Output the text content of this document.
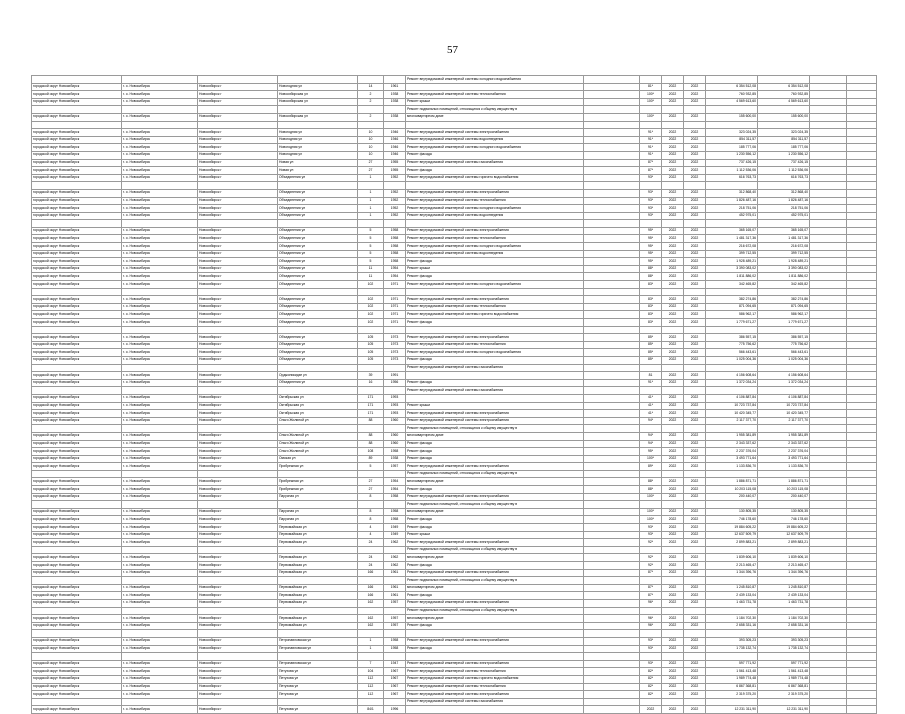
57
						Ремонт внутридомовой инженерной системы холодного водоснабжения								
городской округ Новосибирск	г. о. Новосибирск	Новосибирск г	Новогодняя ул	14	1961			81*	2022	2022	6 354 512,08	6 354 512,08		
городской округ Новосибирск	г. о. Новосибирск	Новосибирск г	Новосибирская ул	2	1938	Ремонт внутридомовой инженерной системы теплоснабжения		100*	2022	2022	760 932,85	760 932,85		
городской округ Новосибирск	г. о. Новосибирск	Новосибирск г	Новосибирская ул	2	1938	Ремонт крыши		100*	2022	2022	4 569 613,60	4 569 613,60		
						Ремонт подвальных помещений, относящихся к общему имуществу в								
городской округ Новосибирск	г. о. Новосибирск	Новосибирск г	Новосибирская ул	2	1938	многоквартирном доме		100*	2022	2022	155 600,00	155 600,00		

городской округ Новосибирск	г. о. Новосибирск	Новосибирск г	Новогодняя ул	10	1946	Ремонт внутридомовой инженерной системы электроснабжения		91*	2022	2022	323 024,35	323 024,35		
городской округ Новосибирск	г. о. Новосибирск	Новосибирск г	Новогодняя ул	10	1946	Ремонт внутридомовой инженерной системы водоотведения		91*	2022	2022	854 311,57	854 311,57		
городской округ Новосибирск	г. о. Новосибирск	Новосибирск г	Новогодняя ул	10	1946	Ремонт внутридомовой инженерной системы холодного водоснабжения		91*	2022	2022	185 777,06	185 777,06		
городской округ Новосибирск	г. о. Новосибирск	Новосибирск г	Новогодняя ул	10	1946	Ремонт фасада		91*	2022	2022	1 230 556,12	1 230 556,12		
городской округ Новосибирск	г. о. Новосибирск	Новосибирск г	Новая ул	27	1955	Ремонт внутридомовой инженерной системы газоснабжения		87*	2022	2022	737 426,15	737 426,15		
городской округ Новосибирск	г. о. Новосибирск	Новосибирск г	Новая ул	27	1955	Ремонт фасада		87*	2022	2022	1 112 536,06	1 112 536,06		
городской округ Новосибирск	г. о. Новосибирск	Новосибирск г	Объединения ул	1	1952	Ремонт внутридомовой инженерной системы горячего водоснабжения		93*	2022	2022	616 763,73	616 763,73		

городской округ Новосибирск	г. о. Новосибирск	Новосибирск г	Объединения ул	1	1952	Ремонт внутридомовой инженерной системы электроснабжения		93*	2022	2022	312 868,40	312 868,40		
городской округ Новосибирск	г. о. Новосибирск	Новосибирск г	Объединения ул	1	1952	Ремонт внутридомовой инженерной системы теплоснабжения		93*	2022	2022	1 826 487,16	1 826 487,16		
городской округ Новосибирск	г. о. Новосибирск	Новосибирск г	Объединения ул	1	1952	Ремонт внутридомовой инженерной системы холодного водоснабжения		93*	2022	2022	218 751,06	218 751,06		
городской округ Новосибирск	г. о. Новосибирск	Новосибирск г	Объединения ул	1	1952	Ремонт внутридомовой инженерной системы водоотведения		93*	2022	2022	452 975,01	452 975,01		

городской округ Новосибирск	г. о. Новосибирск	Новосибирск г	Объединения ул	5	1958	Ремонт внутридомовой инженерной системы электроснабжения		95*	2022	2022	365 165,07	365 165,07		
городской округ Новосибирск	г. о. Новосибирск	Новосибирск г	Объединения ул	5	1958	Ремонт внутридомовой инженерной системы теплоснабжения		95*	2022	2022	1 481 317,36	1 481 317,36		
городской округ Новосибирск	г. о. Новосибирск	Новосибирск г	Объединения ул	5	1958	Ремонт внутридомовой инженерной системы холодного водоснабжения		95*	2022	2022	216 672,08	216 672,08		
городской округ Новосибирск	г. о. Новосибирск	Новосибирск г	Объединения ул	5	1958	Ремонт внутридомовой инженерной системы водоотведения		95*	2022	2022	399 712,55	399 712,55		
городской округ Новосибирск	г. о. Новосибирск	Новосибирск г	Объединения ул	5	1958	Ремонт фасада		95*	2022	2022	1 928 489,21	1 928 489,21		
городской округ Новосибирск	г. о. Новосибирск	Новосибирск г	Объединения ул	11	1954	Ремонт крыши		88*	2022	2022	3 390 083,02	3 390 083,02		
городской округ Новосибирск	г. о. Новосибирск	Новосибирск г	Объединения ул	11	1954	Ремонт фасада		88*	2022	2022	1 811 886,02	1 811 886,02		
городской округ Новосибирск	г. о. Новосибирск	Новосибирск г	Объединения ул	102	1971	Ремонт внутридомовой инженерной системы холодного водоснабжения		83*	2022	2022	342 465,82	342 465,82		

городской округ Новосибирск	г. о. Новосибирск	Новосибирск г	Объединения ул	102	1971	Ремонт внутридомовой инженерной системы электроснабжения		83*	2022	2022	382 274,86	382 274,86		
городской округ Новосибирск	г. о. Новосибирск	Новосибирск г	Объединения ул	102	1971	Ремонт внутридомовой инженерной системы теплоснабжения		83*	2022	2022	871 094,65	871 094,65		
городской округ Новосибирск	г. о. Новосибирск	Новосибирск г	Объединения ул	102	1971	Ремонт внутридомовой инженерной системы горячего водоснабжения		83*	2022	2022	586 962,17	586 962,17		
городской округ Новосибирск	г. о. Новосибирск	Новосибирск г	Объединения ул	102	1971	Ремонт фасада		83*	2022	2022	1 779 671,27	1 779 671,27		

городской округ Новосибирск	г. о. Новосибирск	Новосибирск г	Объединения ул	105	1973	Ремонт внутридомовой инженерной системы электроснабжения		85*	2022	2022	386 557,15	386 557,15		
городской округ Новосибирск	г. о. Новосибирск	Новосибирск г	Объединения ул	105	1973	Ремонт внутридомовой инженерной системы теплоснабжения		85*	2022	2022	775 756,62	775 756,62		
городской округ Новосибирск	г. о. Новосибирск	Новосибирск г	Объединения ул	105	1973	Ремонт внутридомовой инженерной системы холодного водоснабжения		85*	2022	2022	566 443,61	566 443,61		
городской округ Новосибирск	г. о. Новосибирск	Новосибирск г	Объединения ул	105	1973	Ремонт фасада		85*	2022	2022	1 025 004,36	1 025 004,36		
						Ремонт внутридомовой инженерной системы газоснабжения								
городской округ Новосибирск	г. о. Новосибирск	Новосибирск г	Орджоникидзе ул	39	1991			81	2022	2022	4 156 608,64	4 156 608,64		
городской округ Новосибирск	г. о. Новосибирск	Новосибирск г	Объединения ул	16	1956	Ремонт фасада		91*	2022	2022	1 372 034,24	1 372 034,24		
						Ремонт внутридомовой инженерной системы газоснабжения								
городской округ Новосибирск	г. о. Новосибирск	Новосибирск г	Октябрьская ул	171	1993			41*	2022	2022	4 106 887,84	4 106 887,84		
городской округ Новосибирск	г. о. Новосибирск	Новосибирск г	Октябрьская ул	171	1993	Ремонт крыши		41*	2022	2022	10 723 737,84	10 723 737,84		
городской округ Новосибирск	г. о. Новосибирск	Новосибирск г	Октябрьская ул	171	1993	Ремонт внутридомовой инженерной системы электроснабжения		41*	2022	2022	10 420 345,77	10 420 345,77		
городской округ Новосибирск	г. о. Новосибирск	Новосибирск г	Ольги Жилиной ул	88	1960	Ремонт внутридомовой инженерной системы электроснабжения		94*	2022	2022	2 117 377,70	2 117 377,70		
						Ремонт подвальных помещений, относящихся к общему имуществу в								
городской округ Новосибирск	г. о. Новосибирск	Новосибирск г	Ольги Жилиной ул	88	1960	многоквартирном доме		94*	2022	2022	1 955 381,89	1 955 381,89		
городской округ Новосибирск	г. о. Новосибирск	Новосибирск г	Ольги Жилиной ул	88	1960	Ремонт фасада		94*	2022	2022	2 343 337,62	2 343 337,62		
городской округ Новосибирск	г. о. Новосибирск	Новосибирск г	Ольги Жилиной ул	108	1958	Ремонт фасада		95*	2022	2022	2 237 376,04	2 237 376,04		
городской округ Новосибирск	г. о. Новосибирск	Новосибирск г	Омская ул	89	1938	Ремонт фасада		100*	2022	2022	3 493 771,64	3 493 771,64		
городской округ Новосибирск	г. о. Новосибирск	Новосибирск г	Прибрежная ул	5	1957	Ремонт внутридомовой инженерной системы электроснабжения		89*	2022	2022	1 133 836,70	1 133 836,70		
						Ремонт подвальных помещений, относящихся к общему имуществу в								
городской округ Новосибирск	г. о. Новосибирск	Новосибирск г	Прибрежная ул	27	1954	многоквартирном доме		88*	2022	2022	1 886 871,71	1 886 871,71		
городской округ Новосибирск	г. о. Новосибирск	Новосибирск г	Прибрежная ул	27	1954	Ремонт фасада		88*	2022	2022	10 203 115,08	10 203 115,08		
городской округ Новосибирск	г. о. Новосибирск	Новосибирск г	Парусная ул	8	1958	Ремонт внутридомовой инженерной системы электроснабжения		100*	2022	2022	200 440,07	200 440,07		
						Ремонт подвальных помещений, относящихся к общему имуществу в								
городской округ Новосибирск	г. о. Новосибирск	Новосибирск г	Парусная ул	8	1958	многоквартирном доме		100*	2022	2022	130 805,35	130 805,35		
городской округ Новосибирск	г. о. Новосибирск	Новосибирск г	Парусная ул	8	1958	Ремонт фасада		100*	2022	2022	746 178,60	746 178,60		
городской округ Новосибирск	г. о. Новосибирск	Новосибирск г	Первомайская ул	4	1949	Ремонт фасада		93*	2022	2022	19 884 605,22	19 884 605,22		
городской округ Новосибирск	г. о. Новосибирск	Новосибирск г	Первомайская ул	4	1949	Ремонт крыши		93*	2022	2022	12 637 509,79	12 637 509,79		
городской округ Новосибирск	г. о. Новосибирск	Новосибирск г	Первомайская ул	24	1962	Ремонт внутридомовой инженерной системы электроснабжения		92*	2022	2022	2 899 883,21	2 899 883,21		
						Ремонт подвальных помещений, относящихся к общему имуществу в								
городской округ Новосибирск	г. о. Новосибирск	Новосибирск г	Первомайская ул	24	1962	многоквартирном доме		92*	2022	2022	1 839 606,10	1 839 606,10		
городской округ Новосибирск	г. о. Новосибирск	Новосибирск г	Первомайская ул	24	1962	Ремонт фасада		92*	2022	2022	2 213 465,47	2 213 465,47		
городской округ Новосибирск	г. о. Новосибирск	Новосибирск г	Первомайская ул	166	1961	Ремонт внутридомовой инженерной системы электроснабжения		87*	2022	2022	1 344 396,76	1 344 396,76		
						Ремонт подвальных помещений, относящихся к общему имуществу в								
городской округ Новосибирск	г. о. Новосибирск	Новосибирск г	Первомайская ул	166	1961	многоквартирном доме		87*	2022	2022	1 245 810,87	1 245 810,87		
городской округ Новосибирск	г. о. Новосибирск	Новосибирск г	Первомайская ул	166	1961	Ремонт фасада		87*	2022	2022	2 439 133,04	2 439 133,04		
городской округ Новосибирск	г. о. Новосибирск	Новосибирск г	Первомайская ул	162	1957	Ремонт внутридомовой инженерной системы электроснабжения		96*	2022	2022	1 463 731,78	1 463 731,78		
						Ремонт подвальных помещений, относящихся к общему имуществу в								
городской округ Новосибирск	г. о. Новосибирск	Новосибирск г	Первомайская ул	162	1957	многоквартирном доме		96*	2022	2022	1 184 702,30	1 184 702,30		
городской округ Новосибирск	г. о. Новосибирск	Новосибирск г	Первомайская ул	162	1957	Ремонт фасада		96*	2022	2022	2 658 331,16	2 658 331,16		

городской округ Новосибирск	г. о. Новосибирск	Новосибирск г	Петропавловская ул	1	1958	Ремонт внутридомовой инженерной системы электроснабжения		93*	2022	2022	393 305,23	393 305,23		
городской округ Новосибирск	г. о. Новосибирск	Новосибирск г	Петропавловская ул	1	1958	Ремонт фасада		93*	2022	2022	1 735 132,74	1 735 132,74		

городской округ Новосибирск	г. о. Новосибирск	Новосибирск г	Петропавловская ул	7	1947	Ремонт внутридомовой инженерной системы электроснабжения		93*	2022	2022	597 771,92	597 771,92		
городской округ Новосибирск	г. о. Новосибирск	Новосибирск г	Петухова ул	104	1967	Ремонт внутридомовой инженерной системы теплоснабжения		82*	2022	2022	1 561 413,48	1 561 413,48		
городской округ Новосибирск	г. о. Новосибирск	Новосибирск г	Петухова ул	112	1967	Ремонт внутридомовой инженерной системы горячего водоснабжения		82*	2022	2022	1 989 774,48	1 989 774,48		
городской округ Новосибирск	г. о. Новосибирск	Новосибирск г	Петухова ул	112	1967	Ремонт внутридомовой инженерной системы теплоснабжения		82*	2022	2022	6 867 368,81	6 867 368,81		
городской округ Новосибирск	г. о. Новосибирск	Новосибирск г	Петухова ул	112	1967	Ремонт внутридомовой инженерной системы электроснабжения		82*	2022	2022	2 319 375,20	2 319 375,20		
						Ремонт внутридомовой инженерной системы газоснабжения								
городской округ Новосибирск	г. о. Новосибирск	Новосибирск г	Петухова ул	84/1	1996			2022	2022	2022	12 231 311,90	12 231 311,90		
